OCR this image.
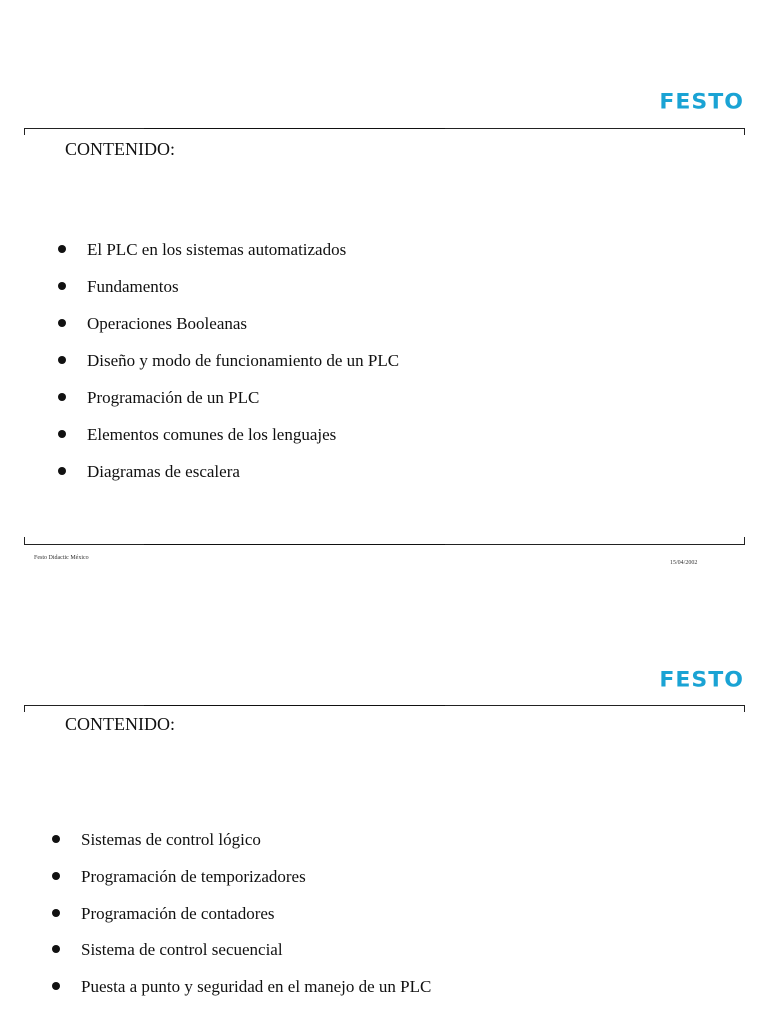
FESTO
CONTENIDO:
El PLC en los sistemas automatizados
Fundamentos
Operaciones Booleanas
Diseño y modo de funcionamiento de un PLC
Programación de un PLC
Elementos comunes de los lenguajes
Diagramas de escalera
Festo Didactic México
15/04/2002
FESTO
CONTENIDO:
Sistemas de control lógico
Programación de temporizadores
Programación de contadores
Sistema de control secuencial
Puesta a punto y seguridad en el manejo de un PLC
